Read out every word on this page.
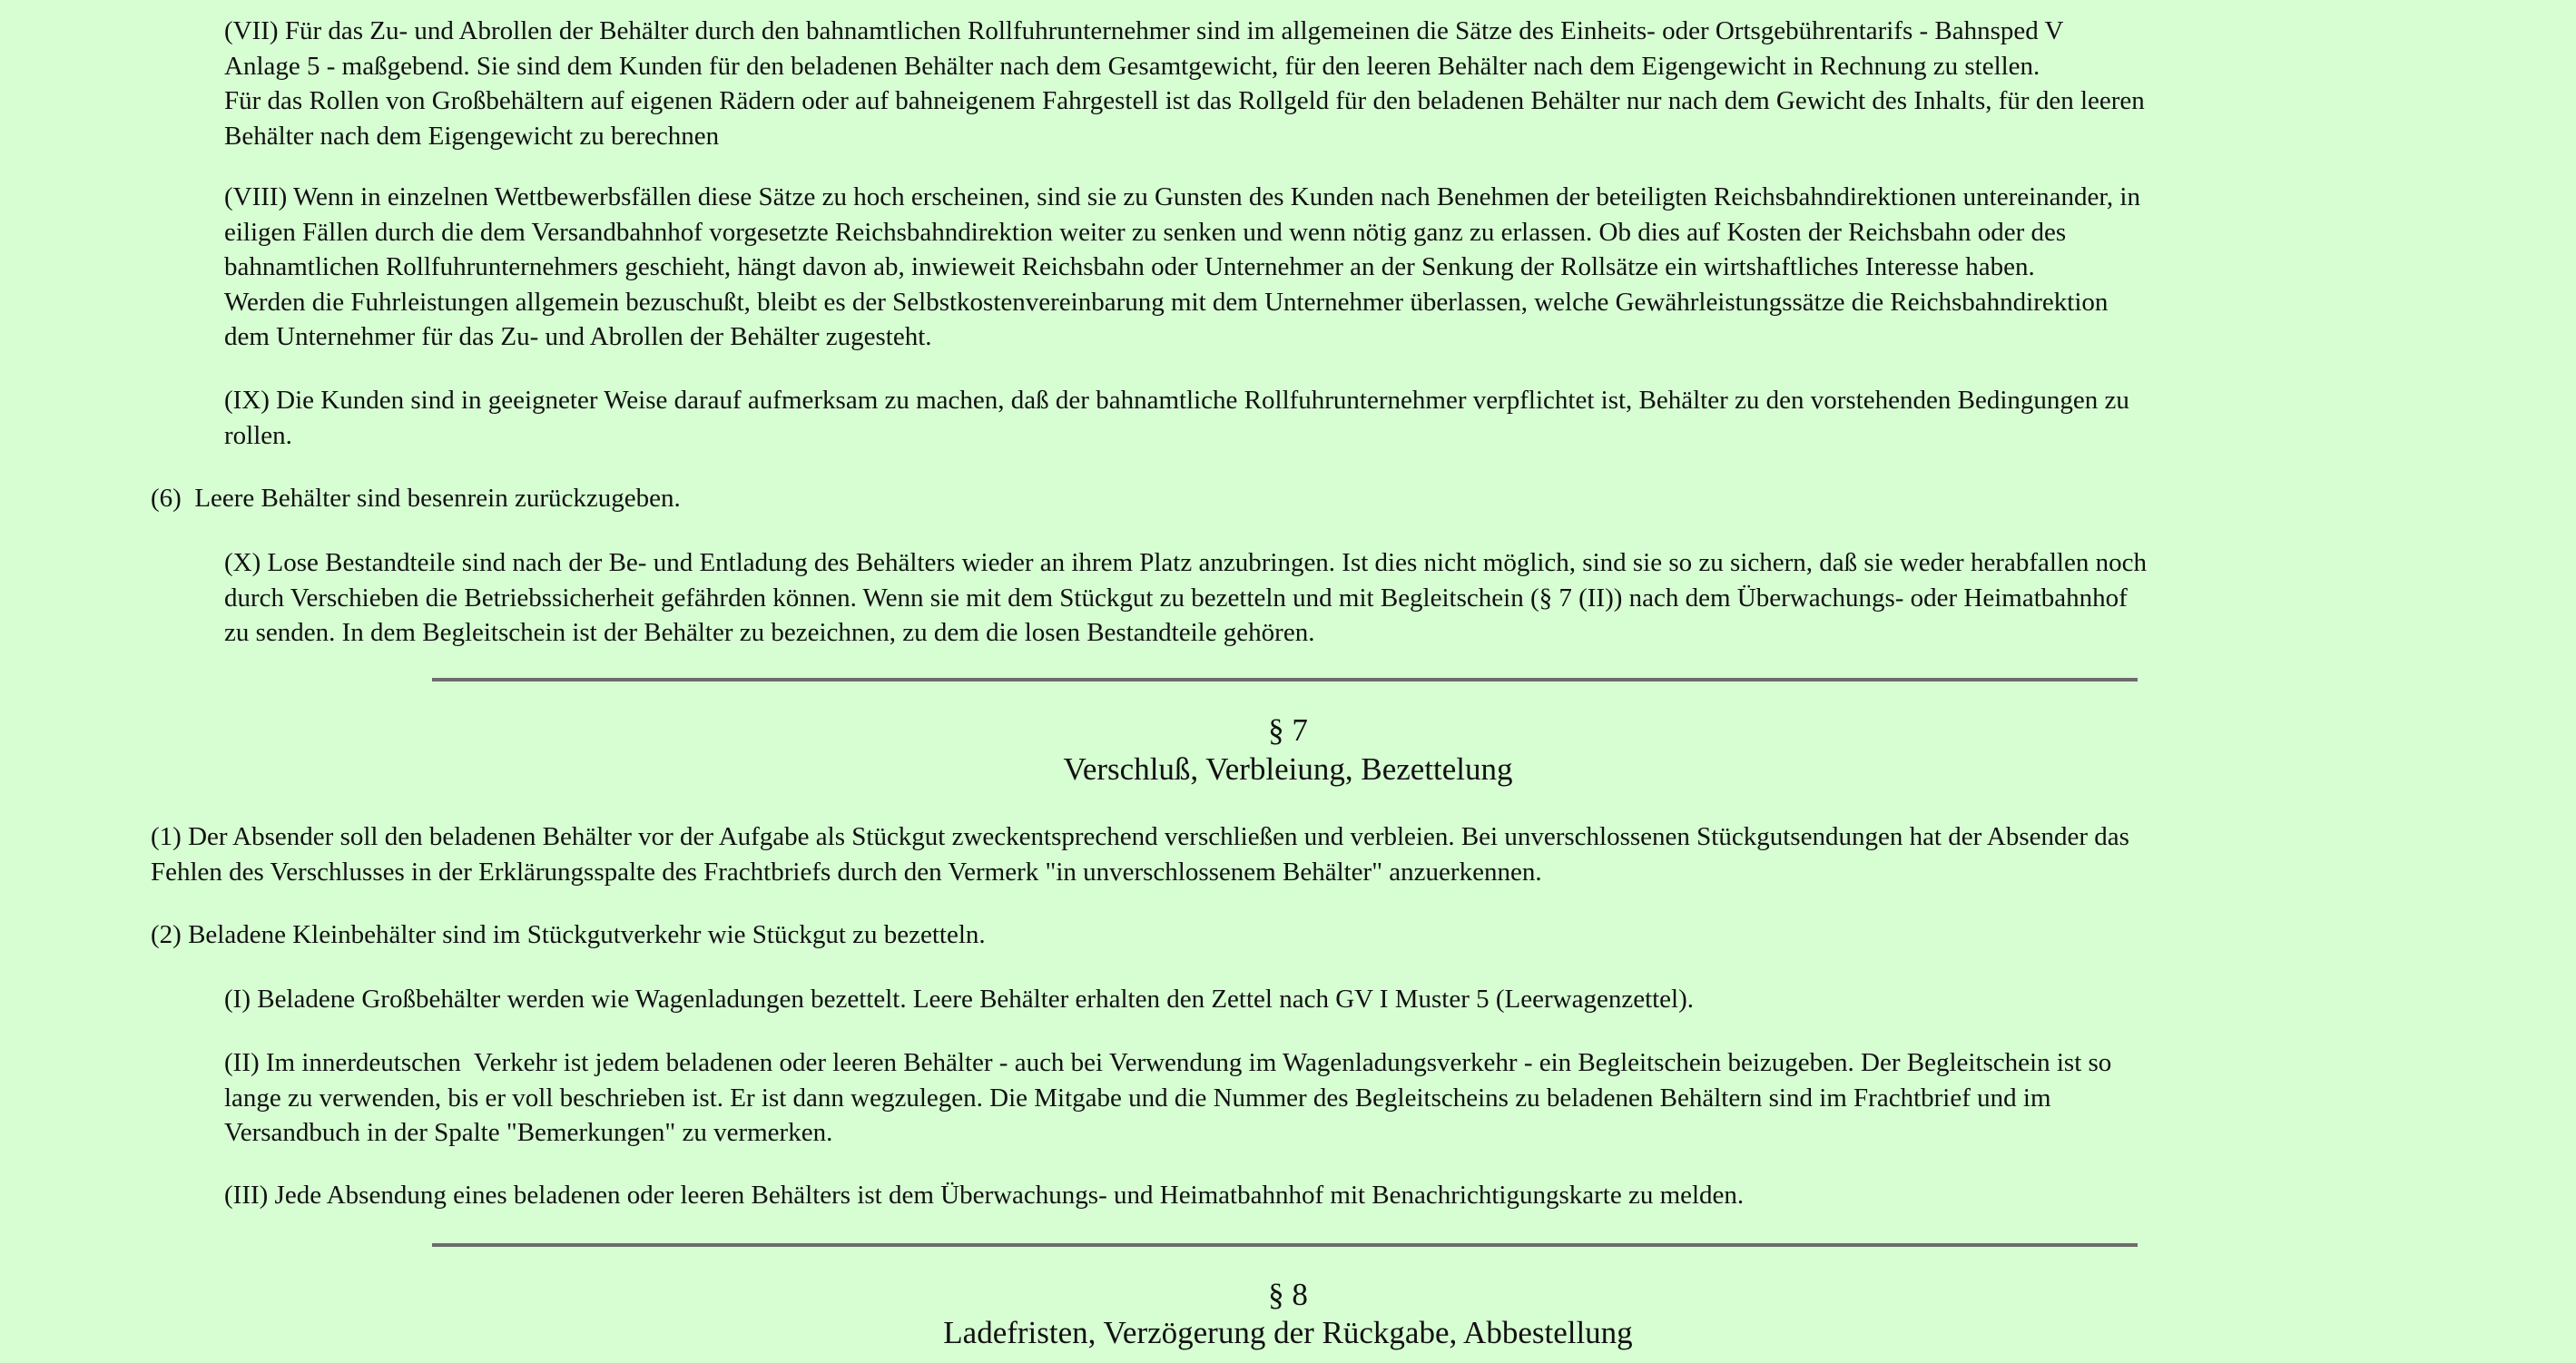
(VII) Für das Zu- und Abrollen der Behälter durch den bahnamtlichen Rollfuhrunternehmer sind im allgemeinen die Sätze des Einheits- oder Ortsgebührentarifs - Bahnsped V
Anlage 5 - maßgebend. Sie sind dem Kunden für den beladenen Behälter nach dem Gesamtgewicht, für den leeren Behälter nach dem Eigengewicht in Rechnung zu stellen.
Für das Rollen von Großbehältern auf eigenen Rädern oder auf bahneigenem Fahrgestell ist das Rollgeld für den beladenen Behälter nur nach dem Gewicht des Inhalts, für den leeren
Behälter nach dem Eigengewicht zu berechnen

(VIII) Wenn in einzelnen Wettbewerbsfällen diese Sätze zu hoch erscheinen, sind sie zu Gunsten des Kunden nach Benehmen der beteiligten Reichsbahndirektionen untereinander, in
eiligen Fällen durch die dem Versandbahnhof vorgesetzte Reichsbahndirektion weiter zu senken und wenn nötig ganz zu erlassen. Ob dies auf Kosten der Reichsbahn oder des
bahnamtlichen Rollfuhrunternehmers geschieht, hängt davon ab, inwieweit Reichsbahn oder Unternehmer an der Senkung der Rollsätze ein wirtshaftliches Interesse haben.
Werden die Fuhrleistungen allgemein bezuschußt, bleibt es der Selbstkostenvereinbarung mit dem Unternehmer überlassen, welche Gewährleistungssätze die Reichsbahndirektion
dem Unternehmer für das Zu- und Abrollen der Behälter zugesteht.

(IX) Die Kunden sind in geeigneter Weise darauf aufmerksam zu machen, daß der bahnamtliche Rollfuhrunternehmer verpflichtet ist, Behälter zu den vorstehenden Bedingungen zu
rollen.

(6)  Leere Behälter sind besenrein zurückzugeben.

(X) Lose Bestandteile sind nach der Be- und Entladung des Behälters wieder an ihrem Platz anzubringen. Ist dies nicht möglich, sind sie so zu sichern, daß sie weder herabfallen noch
durch Verschieben die Betriebssicherheit gefährden können. Wenn sie mit dem Stückgut zu bezetteln und mit Begleitschein (§ 7 (II)) nach dem Überwachungs- oder Heimatbahnhof
zu senden. In dem Begleitschein ist der Behälter zu bezeichnen, zu dem die losen Bestandteile gehören.

§ 7

Verschluß, Verbleiung, Bezettelung

(1) Der Absender soll den beladenen Behälter vor der Aufgabe als Stückgut zweckentsprechend verschließen und verbleien. Bei unverschlossenen Stückgutsendungen hat der Absender das
Fehlen des Verschlusses in der Erklärungsspalte des Frachtbriefs durch den Vermerk "in unverschlossenem Behälter" anzuerkennen.

(2) Beladene Kleinbehälter sind im Stückgutverkehr wie Stückgut zu bezetteln.

(I) Beladene Großbehälter werden wie Wagenladungen bezettelt. Leere Behälter erhalten den Zettel nach GV I Muster 5 (Leerwagenzettel).

(II) Im innerdeutschen  Verkehr ist jedem beladenen oder leeren Behälter - auch bei Verwendung im Wagenladungsverkehr - ein Begleitschein beizugeben. Der Begleitschein ist so
lange zu verwenden, bis er voll beschrieben ist. Er ist dann wegzulegen. Die Mitgabe und die Nummer des Begleitscheins zu beladenen Behältern sind im Frachtbrief und im
Versandbuch in der Spalte "Bemerkungen" zu vermerken.

(III) Jede Absendung eines beladenen oder leeren Behälters ist dem Überwachungs- und Heimatbahnhof mit Benachrichtigungskarte zu melden.

§ 8

Ladefristen, Verzögerung der Rückgabe, Abbestellung
